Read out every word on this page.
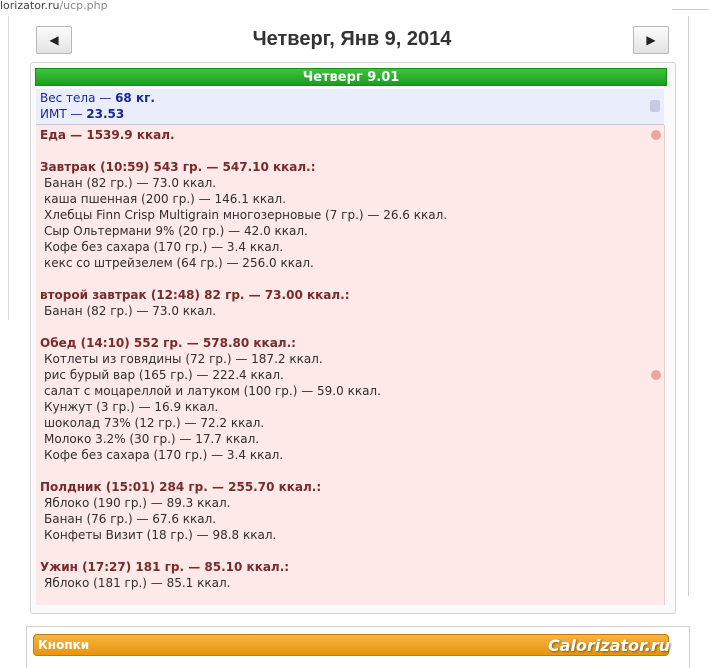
lorizator.ru/ucp.php
◀	Четверг, Янв 9, 2014	▶
Четверг 9.01
Вес тела — 68 кг.
ИМТ — 23.53
Еда — 1539.9 ккал.
Завтрак (10:59) 543 гр. — 547.10 ккал.:
Банан (82 гр.) — 73.0 ккал.
каша пшенная (200 гр.) — 146.1 ккал.
Хлебцы Finn Crisp Multigrain многозерновые (7 гр.) — 26.6 ккал.
Сыр Ольтермани 9% (20 гр.) — 42.0 ккал.
Кофе без сахара (170 гр.) — 3.4 ккал.
кекс со штрейзелем (64 гр.) — 256.0 ккал.
второй завтрак (12:48) 82 гр. — 73.00 ккал.:
Банан (82 гр.) — 73.0 ккал.
Обед (14:10) 552 гр. — 578.80 ккал.:
Котлеты из говядины (72 гр.) — 187.2 ккал.
рис бурый вар (165 гр.) — 222.4 ккал.
салат с моцареллой и латуком (100 гр.) — 59.0 ккал.
Кунжут (3 гр.) — 16.9 ккал.
шоколад 73% (12 гр.) — 72.2 ккал.
Молоко 3.2% (30 гр.) — 17.7 ккал.
Кофе без сахара (170 гр.) — 3.4 ккал.
Полдник (15:01) 284 гр. — 255.70 ккал.:
Яблоко (190 гр.) — 89.3 ккал.
Банан (76 гр.) — 67.6 ккал.
Конфеты Визит (18 гр.) — 98.8 ккал.
Ужин (17:27) 181 гр. — 85.10 ккал.:
Яблоко (181 гр.) — 85.1 ккал.
Кнопки	Calorizator.ru
